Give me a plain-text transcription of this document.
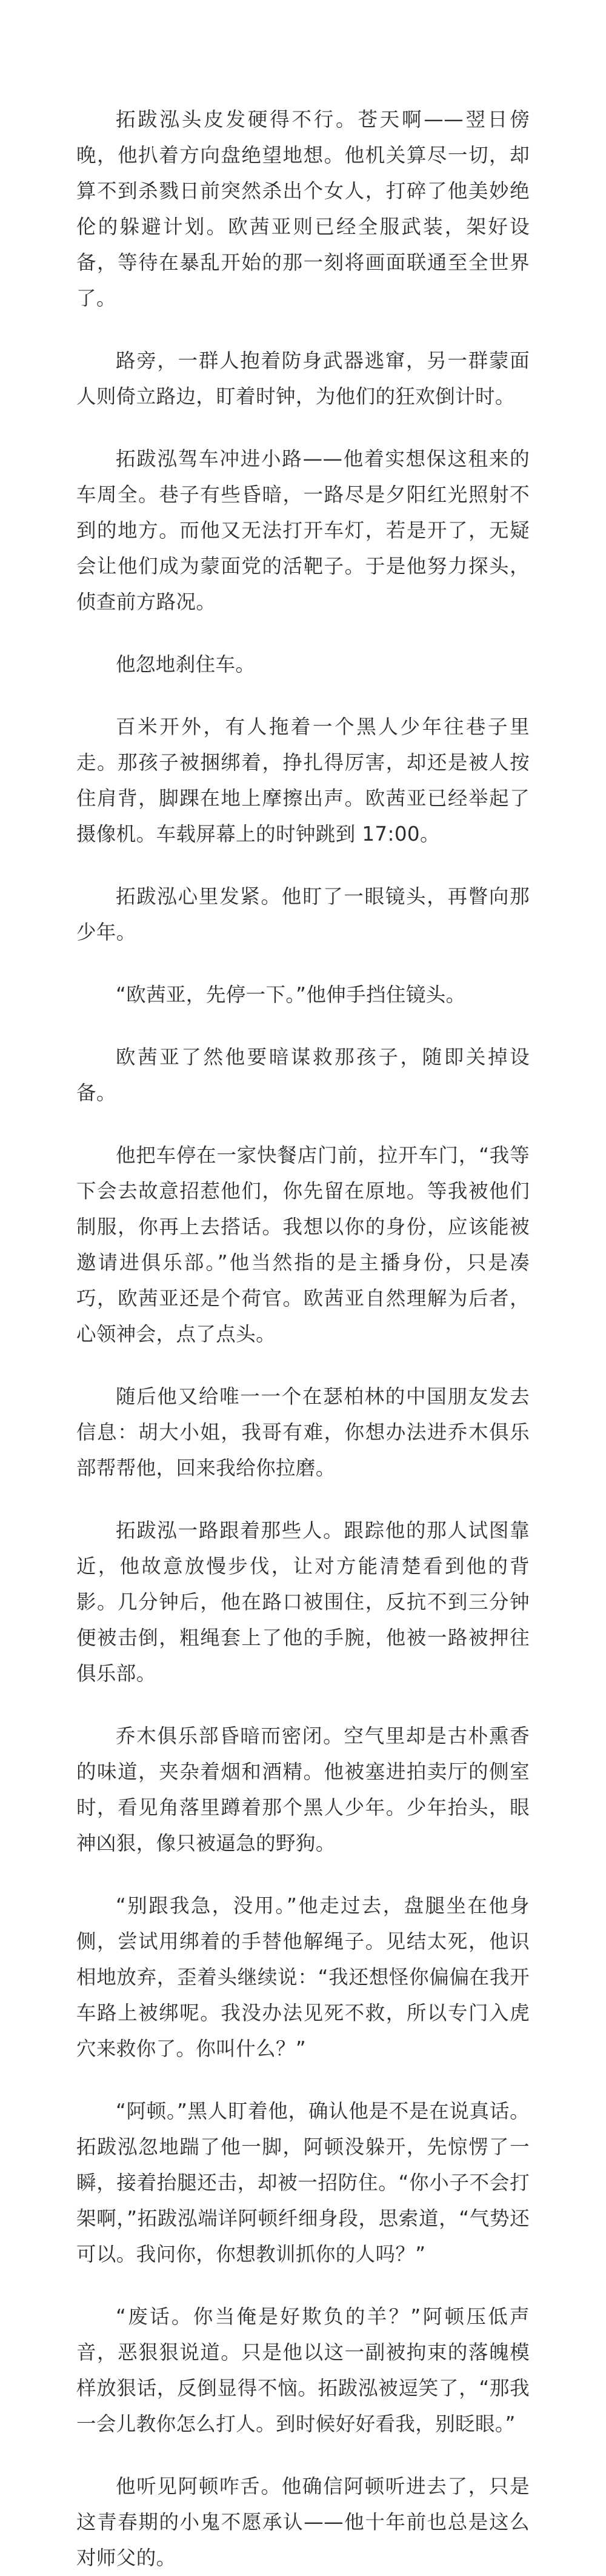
拓跋泓头皮发硬得不行。苍天啊——翌日傍晚，他扒着方向盘绝望地想。他机关算尽一切，却算不到杀戮日前突然杀出个女人，打碎了他美妙绝伦的躲避计划。欧茜亚则已经全服武装，架好设备，等待在暴乱开始的那一刻将画面联通至全世界了。

路旁，一群人抱着防身武器逃窜，另一群蒙面人则倚立路边，盯着时钟，为他们的狂欢倒计时。

拓跋泓驾车冲进小路——他着实想保这租来的车周全。巷子有些昏暗，一路尽是夕阳红光照射不到的地方。而他又无法打开车灯，若是开了，无疑会让他们成为蒙面党的活靶子。于是他努力探头，侦查前方路况。

他忽地刹住车。

百米开外，有人拖着一个黑人少年往巷子里走。那孩子被捆绑着，挣扎得厉害，却还是被人按住肩背，脚踝在地上摩擦出声。欧茜亚已经举起了摄像机。车载屏幕上的时钟跳到 17:00。

拓跋泓心里发紧。他盯了一眼镜头，再瞥向那少年。

“欧茜亚，先停一下。”他伸手挡住镜头。

欧茜亚了然他要暗谋救那孩子，随即关掉设备。

他把车停在一家快餐店门前，拉开车门，“我等下会去故意招惹他们，你先留在原地。等我被他们制服，你再上去搭话。我想以你的身份，应该能被邀请进俱乐部。”他当然指的是主播身份，只是凑巧，欧茜亚还是个荷官。欧茜亚自然理解为后者，心领神会，点了点头。

随后他又给唯一一个在瑟柏林的中国朋友发去信息：胡大小姐，我哥有难，你想办法进乔木俱乐部帮帮他，回来我给你拉磨。

拓跋泓一路跟着那些人。跟踪他的那人试图靠近，他故意放慢步伐，让对方能清楚看到他的背影。几分钟后，他在路口被围住，反抗不到三分钟便被击倒，粗绳套上了他的手腕，他被一路被押往俱乐部。

乔木俱乐部昏暗而密闭。空气里却是古朴熏香的味道，夹杂着烟和酒精。他被塞进拍卖厅的侧室时，看见角落里蹲着那个黑人少年。少年抬头，眼神凶狠，像只被逼急的野狗。

“别跟我急，没用。”他走过去，盘腿坐在他身侧，尝试用绑着的手替他解绳子。见结太死，他识相地放弃，歪着头继续说：“我还想怪你偏偏在我开车路上被绑呢。我没办法见死不救，所以专门入虎穴来救你了。你叫什么？”

“阿顿。”黑人盯着他，确认他是不是在说真话。拓跋泓忽地踹了他一脚，阿顿没躲开，先惊愣了一瞬，接着抬腿还击，却被一招防住。“你小子不会打架啊，”拓跋泓端详阿顿纤细身段，思索道，“气势还可以。我问你，你想教训抓你的人吗？”

“废话。你当俺是好欺负的羊？”阿顿压低声音，恶狠狠说道。只是他以这一副被拘束的落魄模样放狠话，反倒显得不恼。拓跋泓被逗笑了，“那我一会儿教你怎么打人。到时候好好看我，别眨眼。”

他听见阿顿咋舌。他确信阿顿听进去了，只是这青春期的小鬼不愿承认——他十年前也总是这么对师父的。
